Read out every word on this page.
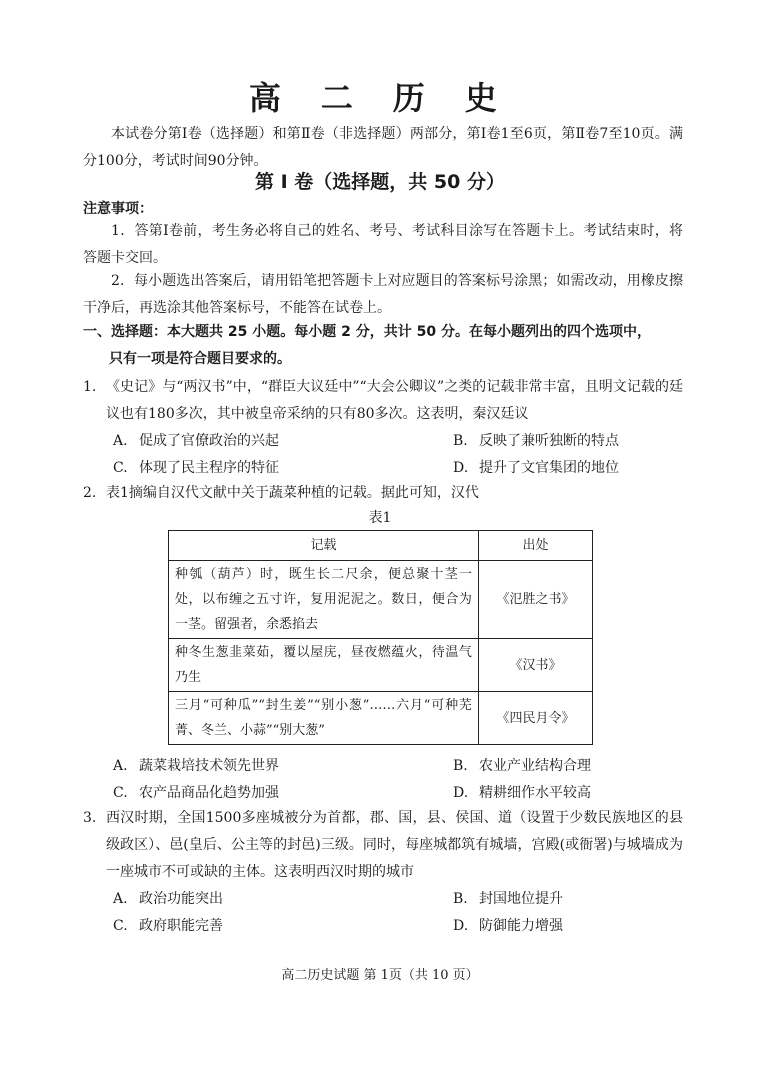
高 二 历 史
本试卷分第Ⅰ卷（选择题）和第Ⅱ卷（非选择题）两部分，第Ⅰ卷1至6页，第Ⅱ卷7至10页。满分100分，考试时间90分钟。
第 Ⅰ 卷（选择题，共 50 分）
注意事项：
1．答第Ⅰ卷前，考生务必将自己的姓名、考号、考试科目涂写在答题卡上。考试结束时，将答题卡交回。
2．每小题选出答案后，请用铅笔把答题卡上对应题目的答案标号涂黑；如需改动，用橡皮擦干净后，再选涂其他答案标号，不能答在试卷上。
一、选择题：本大题共 25 小题。每小题 2 分，共计 50 分。在每小题列出的四个选项中，
只有一项是符合题目要求的。
1. 《史记》与“两汉书”中，“群臣大议廷中”“大会公卿议”之类的记载非常丰富，且明文记载的廷议也有180多次，其中被皇帝采纳的只有80多次。这表明，秦汉廷议
A. 促成了官僚政治的兴起	B. 反映了兼听独断的特点
C. 体现了民主程序的特征	D. 提升了文官集团的地位
2. 表1摘编自汉代文献中关于蔬菜种植的记载。据此可知，汉代
表1
记载	出处
种瓠（葫芦）时，既生长二尺余，便总聚十茎一处，以布缠之五寸许，复用泥泥之。数日，便合为一茎。留强者，余悉掐去	《氾胜之书》
种冬生葱韭菜茹，覆以屋庑，昼夜燃蕴火，待温气乃生	《汉书》
三月“可种瓜”“封生姜”“别小葱”……六月“可种芜菁、冬兰、小蒜”“别大葱”	《四民月令》
A. 蔬菜栽培技术领先世界	B. 农业产业结构合理
C. 农产品商品化趋势加强	D. 精耕细作水平较高
3. 西汉时期，全国1500多座城被分为首都，郡、国，县、侯国、道（设置于少数民族地区的县级政区）、邑(皇后、公主等的封邑)三级。同时，每座城都筑有城墙，宫殿(或衙署)与城墙成为一座城市不可或缺的主体。这表明西汉时期的城市
A. 政治功能突出	B. 封国地位提升
C. 政府职能完善	D. 防御能力增强
高二历史试题 第 1页（共 10 页）
